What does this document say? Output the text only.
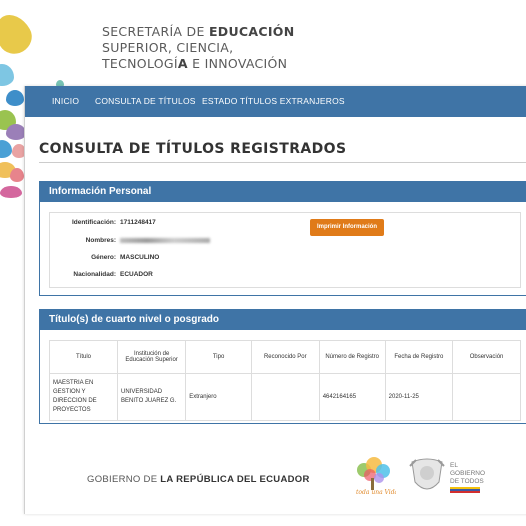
SECRETARÍA DE EDUCACIÓN
SUPERIOR, CIENCIA,
TECNOLOGÍA E INNOVACIÓN
INICIO CONSULTA DE TÍTULOS ESTADO TÍTULOS EXTRANJEROS
CONSULTA DE TÍTULOS REGISTRADOS
Información Personal
Identificación: 1711248417
Nombres:
Género: MASCULINO
Nacionalidad: ECUADOR
Imprimir Información
Título(s) de cuarto nivel o posgrado
Título	Institución de Educación Superior	Tipo	Reconocido Por	Número de Registro	Fecha de Registro	Observación
MAESTRIA EN GESTION Y DIRECCION DE PROYECTOS	UNIVERSIDAD BENITO JUAREZ G.	Extranjero		4642164165	2020-11-25	
GOBIERNO DE LA REPÚBLICA DEL ECUADOR
toda una Vida
EL
GOBIERNO
DE TODOS
